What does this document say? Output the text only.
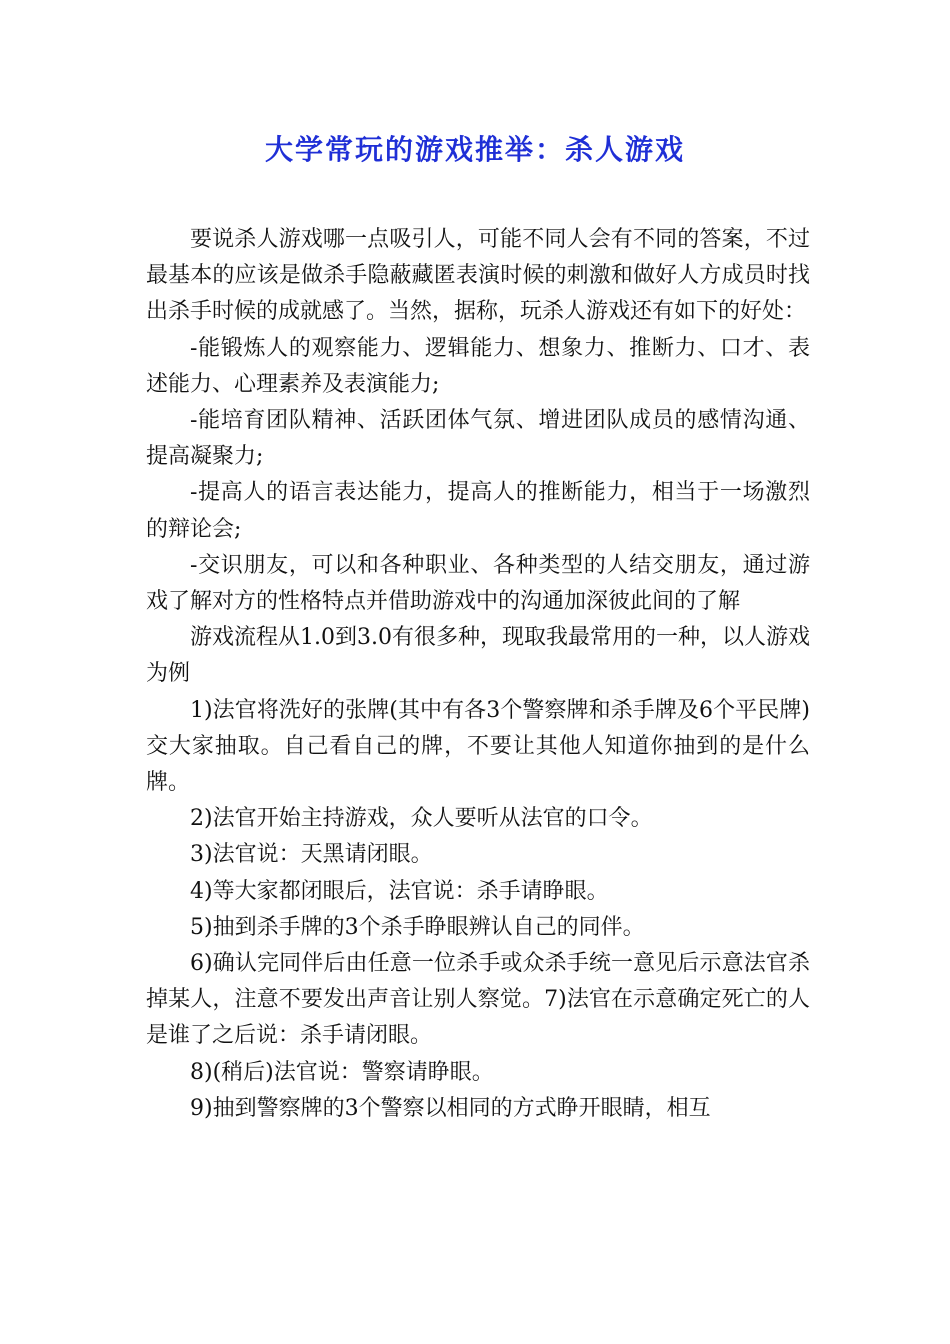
大学常玩的游戏推举：杀人游戏

要说杀人游戏哪一点吸引人，可能不同人会有不同的答案，不过最基本的应该是做杀手隐蔽藏匿表演时候的刺激和做好人方成员时找出杀手时候的成就感了。当然，据称，玩杀人游戏还有如下的好处：

-能锻炼人的观察能力、逻辑能力、想象力、推断力、口才、表述能力、心理素养及表演能力;

-能培育团队精神、活跃团体气氛、增进团队成员的感情沟通、提高凝聚力;

-提高人的语言表达能力，提高人的推断能力，相当于一场激烈的辩论会;

-交识朋友，可以和各种职业、各种类型的人结交朋友，通过游戏了解对方的性格特点并借助游戏中的沟通加深彼此间的了解

游戏流程从1.0到3.0有很多种，现取我最常用的一种，以人游戏为例

1)法官将洗好的张牌(其中有各3个警察牌和杀手牌及6个平民牌)交大家抽取。自己看自己的牌，不要让其他人知道你抽到的是什么牌。

2)法官开始主持游戏，众人要听从法官的口令。

3)法官说：天黑请闭眼。

4)等大家都闭眼后，法官说：杀手请睁眼。

5)抽到杀手牌的3个杀手睁眼辨认自己的同伴。

6)确认完同伴后由任意一位杀手或众杀手统一意见后示意法官杀掉某人，注意不要发出声音让别人察觉。7)法官在示意确定死亡的人是谁了之后说：杀手请闭眼。

8)(稍后)法官说：警察请睁眼。

9)抽到警察牌的3个警察以相同的方式睁开眼睛，相互
